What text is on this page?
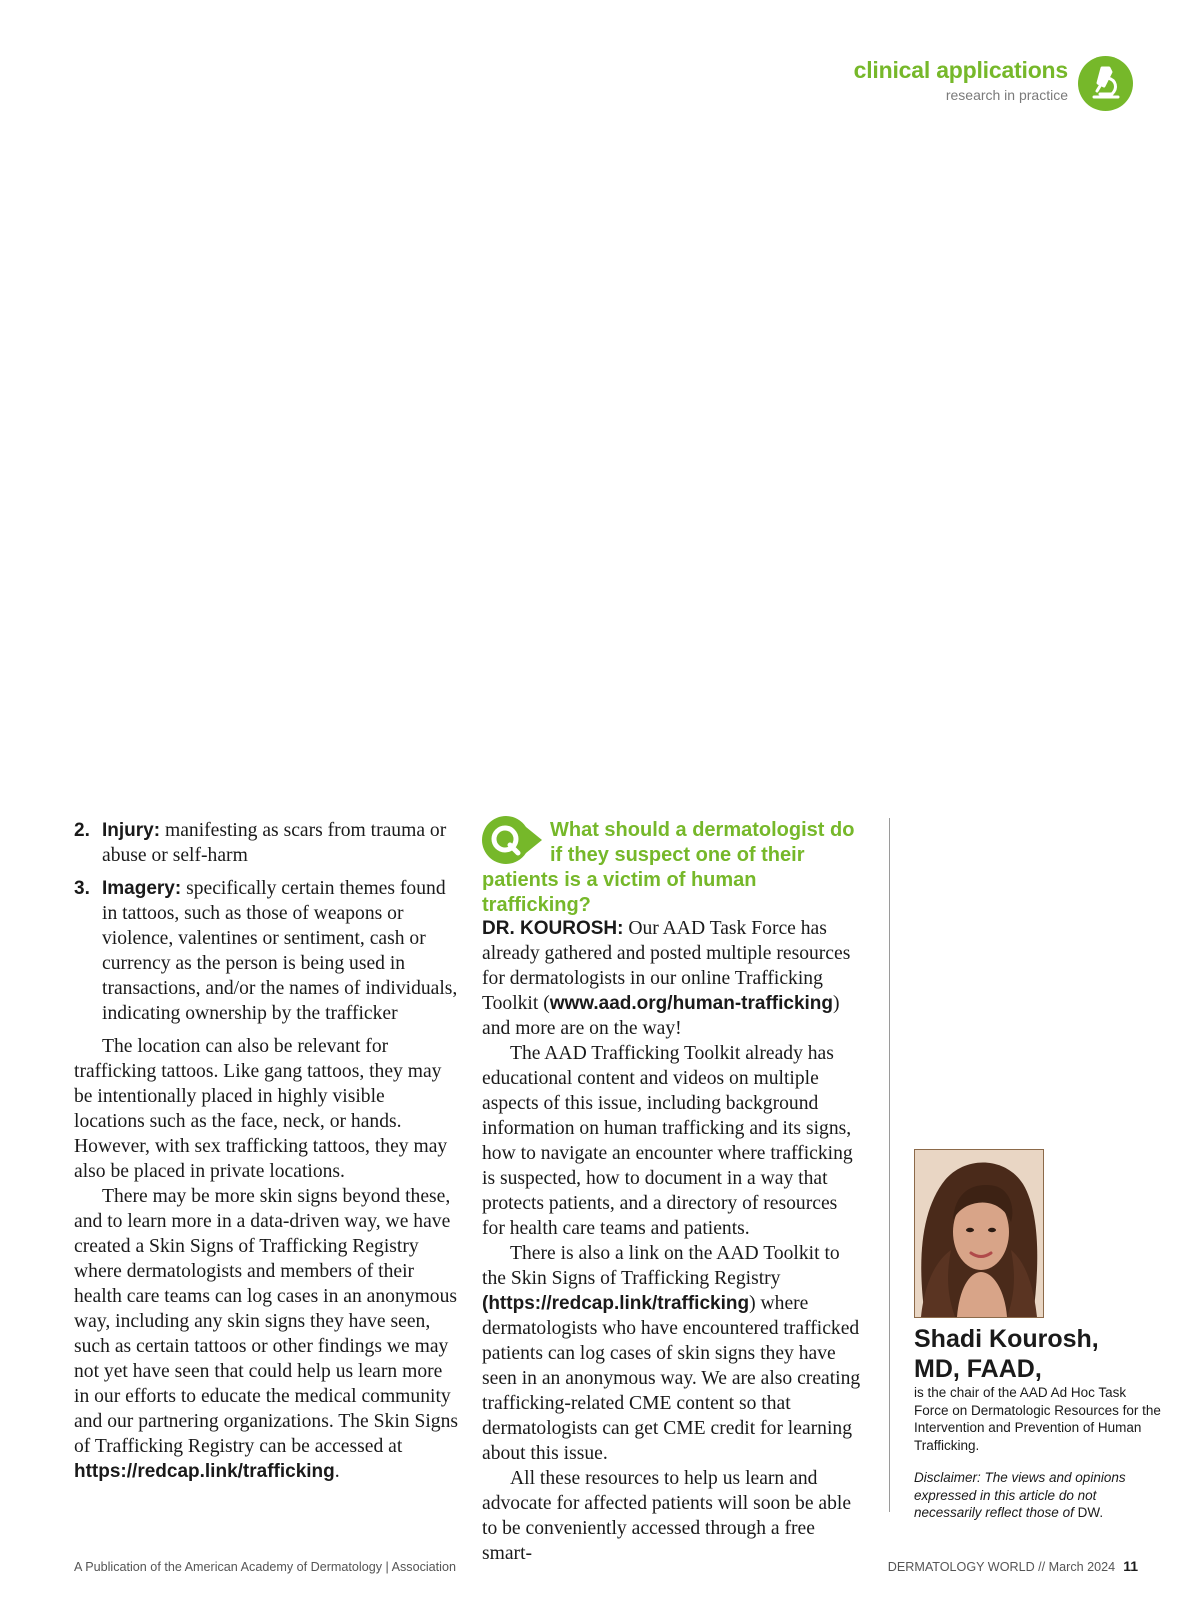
clinical applications
research in practice
2. Injury: manifesting as scars from trauma or abuse or self-harm
3. Imagery: specifically certain themes found in tattoos, such as those of weapons or violence, valentines or sentiment, cash or currency as the person is being used in transactions, and/or the names of individuals, indicating ownership by the trafficker

The location can also be relevant for trafficking tattoos. Like gang tattoos, they may be intentionally placed in highly visible locations such as the face, neck, or hands. However, with sex trafficking tattoos, they may also be placed in private locations.

There may be more skin signs beyond these, and to learn more in a data-driven way, we have created a Skin Signs of Trafficking Registry where dermatologists and members of their health care teams can log cases in an anonymous way, including any skin signs they have seen, such as certain tattoos or other findings we may not yet have seen that could help us learn more in our efforts to educate the medical community and our partnering organizations. The Skin Signs of Trafficking Registry can be accessed at https://redcap.link/trafficking.

What should a dermatologist do
if they suspect one of their
patients is a victim of human trafficking?

DR. KOUROSH: Our AAD Task Force has already gathered and posted multiple resources for dermatologists in our online Trafficking Toolkit (www.aad.org/human-trafficking) and more are on the way!

The AAD Trafficking Toolkit already has educational content and videos on multiple aspects of this issue, including background information on human trafficking and its signs, how to navigate an encounter where trafficking is suspected, how to document in a way that protects patients, and a directory of resources for health care teams and patients.

There is also a link on the AAD Toolkit to the Skin Signs of Trafficking Registry (https://redcap.link/trafficking) where dermatologists who have encountered trafficked patients can log cases of skin signs they have seen in an anonymous way. We are also creating trafficking-related CME content so that dermatologists can get CME credit for learning about this issue.

All these resources to help us learn and advocate for affected patients will soon be able to be conveniently accessed through a free smart-

Shadi Kourosh,
MD, FAAD,
is the chair of the AAD Ad Hoc Task Force on Dermatologic Resources for the Intervention and Prevention of Human Trafficking.
Disclaimer: The views and opinions expressed in this article do not necessarily reflect those of DW.
A Publication of the American Academy of Dermatology | Association	DERMATOLOGY WORLD // March 2024 11
